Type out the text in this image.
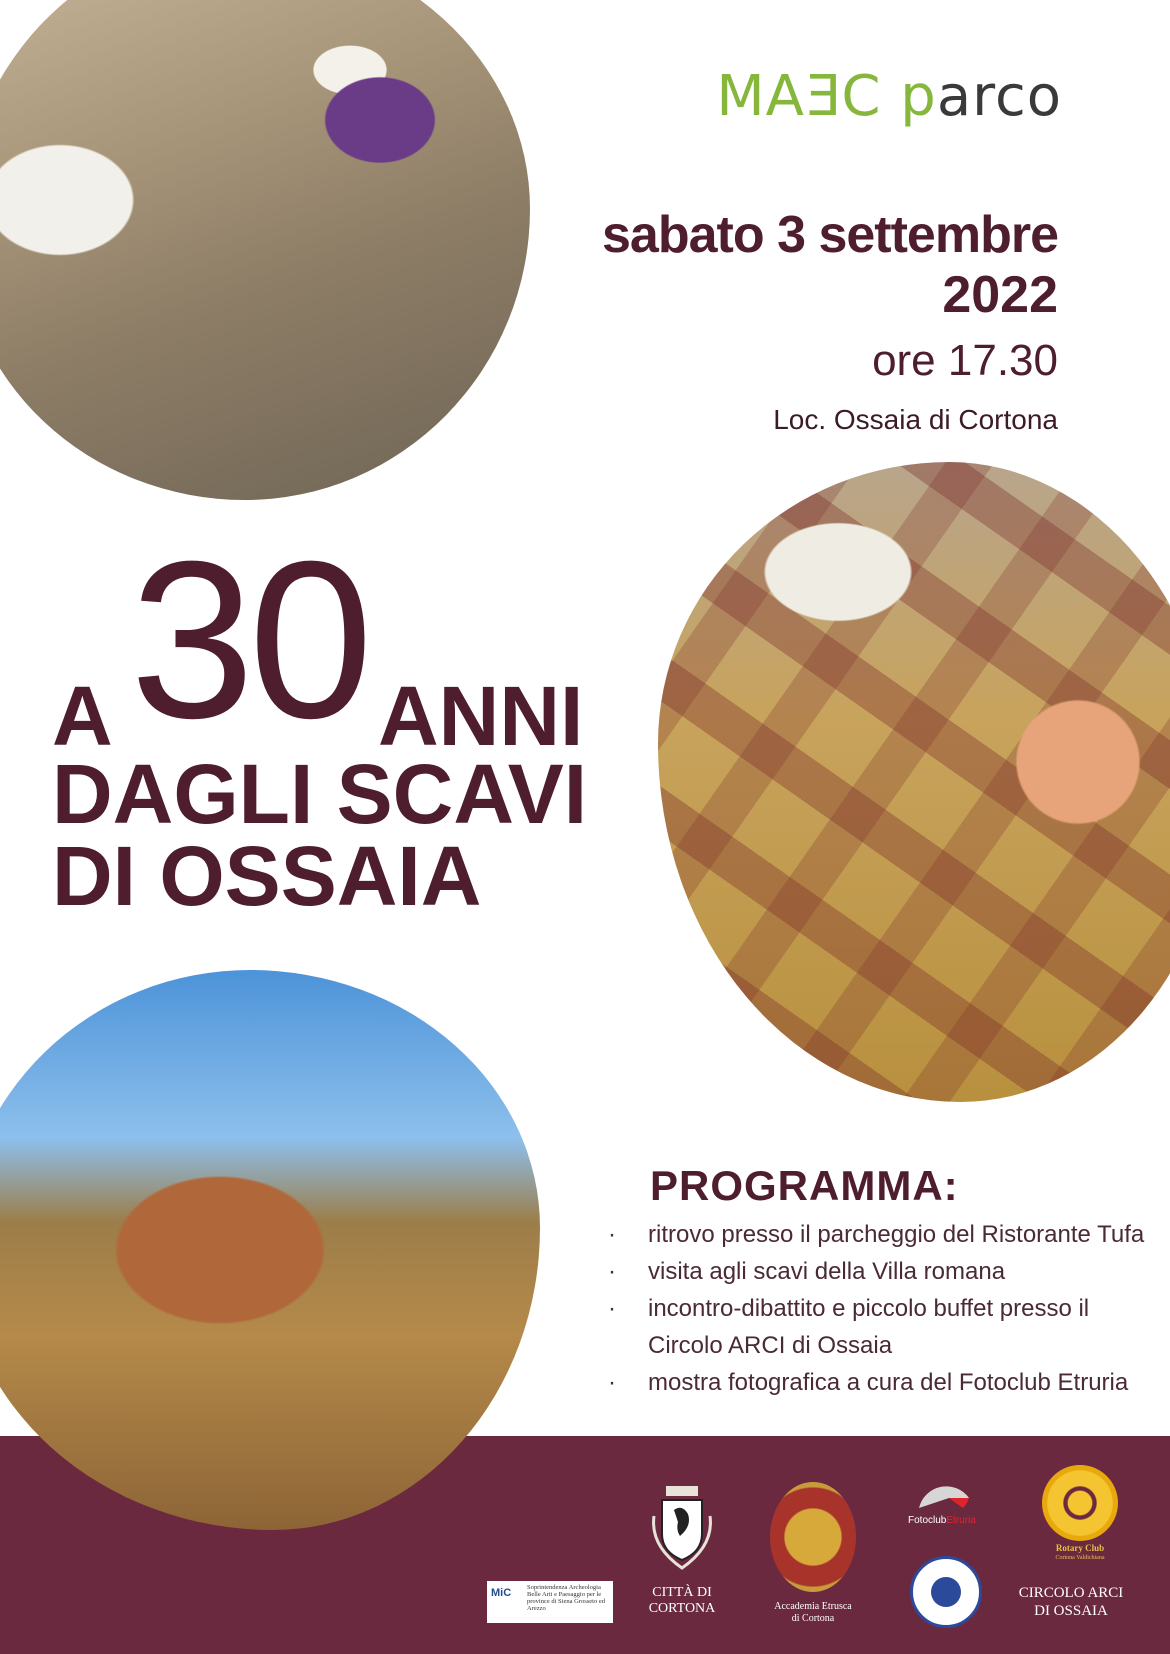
MAEC parco
sabato 3 settembre
2022
ore 17.30
Loc. Ossaia di Cortona
A 30 ANNI
DAGLI SCAVI
DI OSSAIA
PROGRAMMA:
· ritrovo presso il parcheggio del Ristorante Tufa
· visita agli scavi della Villa romana
· incontro-dibattito e piccolo buffet presso il Circolo ARCI di Ossaia
· mostra fotografica a cura del Fotoclub Etruria
MiC Soprintendenza Archeologia Belle Arti e Paesaggio per le province di Siena Grosseto ed Arezzo
CITTÀ DI
CORTONA	Accademia Etrusca
di Cortona
FotoclubEtruria
Rotary Club
Cortona Valdichiana
CIRCOLO ARCI
DI OSSAIA
